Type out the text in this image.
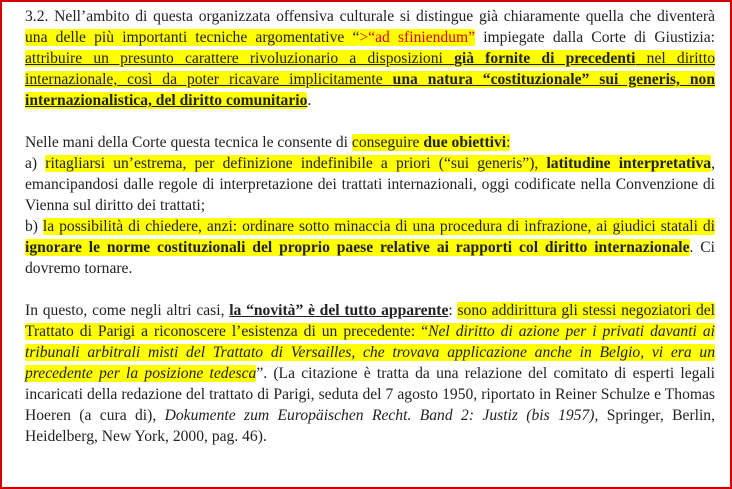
3.2. Nell’ambito di questa organizzata offensiva culturale si distingue già chiaramente quella che diventerà una delle più importanti tecniche argomentative “>“ad sfiniendum” impiegate dalla Corte di Giustizia: attribuire un presunto carattere rivoluzionario a disposizioni già fornite di precedenti nel diritto internazionale, così da poter ricavare implicitamente una natura “costituzionale” sui generis, non internazionalistica, del diritto comunitario.

Nelle mani della Corte questa tecnica le consente di conseguire due obiettivi:

a) ritagliarsi un’estrema, per definizione indefinibile a priori (“sui generis”), latitudine interpretativa, emancipandosi dalle regole di interpretazione dei trattati internazionali, oggi codificate nella Convenzione di Vienna sul diritto dei trattati;

b) la possibilità di chiedere, anzi: ordinare sotto minaccia di una procedura di infrazione, ai giudici statali di ignorare le norme costituzionali del proprio paese relative ai rapporti col diritto internazionale. Ci dovremo tornare.

In questo, come negli altri casi, la “novità” è del tutto apparente: sono addirittura gli stessi negoziatori del Trattato di Parigi a riconoscere l’esistenza di un precedente: “Nel diritto di azione per i privati davanti ai tribunali arbitrali misti del Trattato di Versailles, che trovava applicazione anche in Belgio, vi era un precedente per la posizione tedesca”. (La citazione è tratta da una relazione del comitato di esperti legali incaricati della redazione del trattato di Parigi, seduta del 7 agosto 1950, riportato in Reiner Schulze e Thomas Hoeren (a cura di), Dokumente zum Europäischen Recht. Band 2: Justiz (bis 1957), Springer, Berlin, Heidelberg, New York, 2000, pag. 46).
